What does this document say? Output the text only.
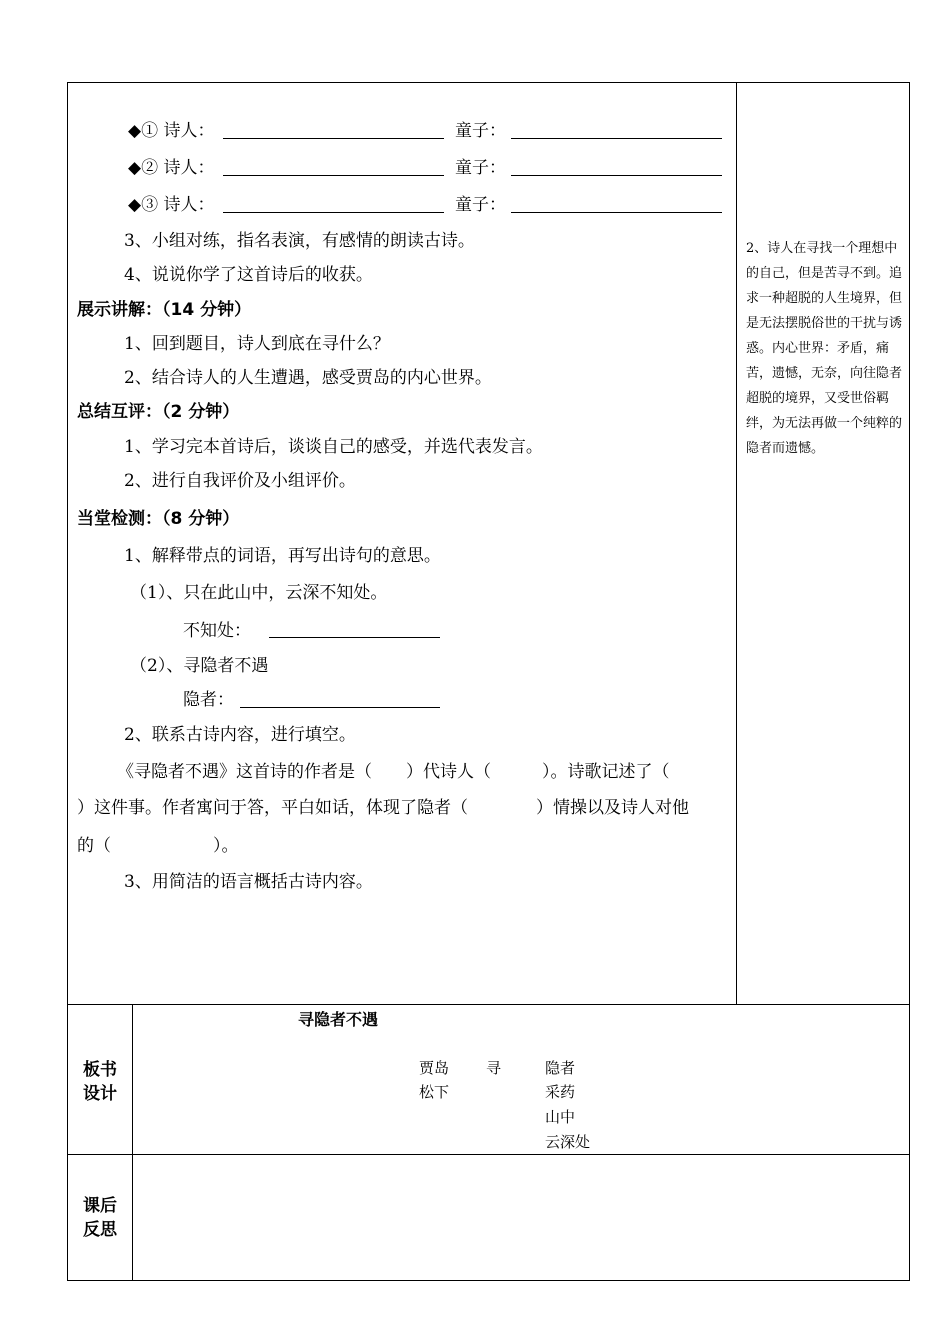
◆① 诗人：	童子：
◆② 诗人：	童子：
◆③ 诗人：	童子：
3、小组对练，指名表演，有感情的朗读古诗。
4、说说你学了这首诗后的收获。
展示讲解：（14 分钟）
1、回到题目，诗人到底在寻什么？
2、结合诗人的人生遭遇，感受贾岛的内心世界。
总结互评：（2 分钟）
1、学习完本首诗后，谈谈自己的感受，并选代表发言。
2、进行自我评价及小组评价。
当堂检测：（8 分钟）
1、解释带点的词语，再写出诗句的意思。
（1）、只在此山中，云深不知处。
不知处：
（2）、寻隐者不遇
隐者：
2、联系古诗内容，进行填空。
《寻隐者不遇》这首诗的作者是（　　）代诗人（　　　）。诗歌记述了（
）这件事。作者寓问于答，平白如话，体现了隐者（　　　　）情操以及诗人对他
的（　　　　　　）。
3、用简洁的语言概括古诗内容。
2、诗人在寻找一个理想中的自己，但是苦寻不到。追求一种超脱的人生境界，但是无法摆脱俗世的干扰与诱惑。内心世界：矛盾，痛苦，遗憾，无奈，向往隐者超脱的境界，又受世俗羁绊，为无法再做一个纯粹的隐者而遗憾。
板书
设计
寻隐者不遇
贾岛 寻	隐者
松下	采药
山中
云深处
课后
反思
